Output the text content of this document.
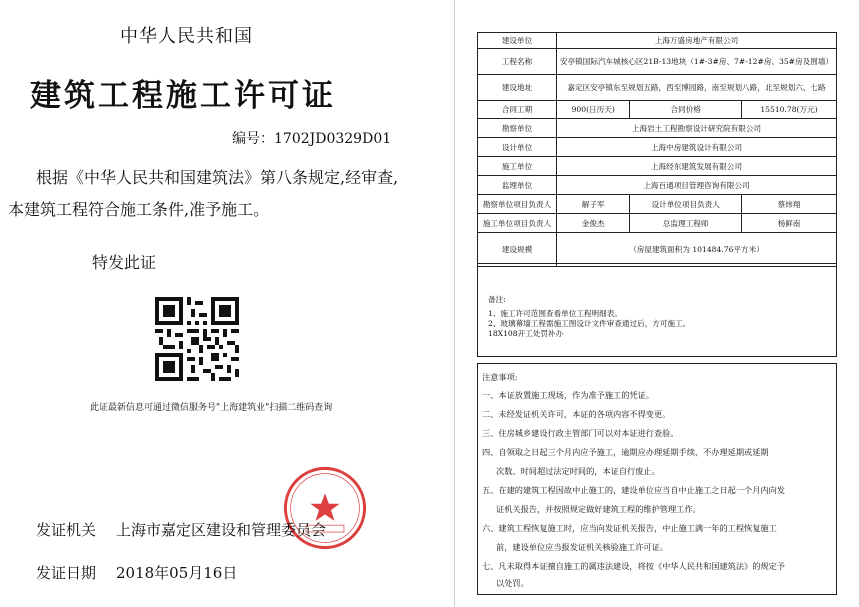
中华人民共和国
建筑工程施工许可证
编号：1702JD0329D01
根据《中华人民共和国建筑法》第八条规定,经审查,
本建筑工程符合施工条件,准予施工。
特发此证
此证最新信息可通过微信服务号"上海建筑业"扫描二维码查询
发证机关 上海市嘉定区建设和管理委员会
发证日期 2018年05月16日
建设单位	上海万盛房地产有限公司		
工程名称	安亭镇国际汽车城核心区21B-13地块（1#-3#房、7#-12#房、35#房及围墙）		
建设地址	嘉定区安亭镇东至规划五路，西至博园路，南至规划八路，北至规划六、七路		
合同工期	900(日历天)	合同价格	15510.78(万元)
勘察单位	上海岩土工程勘察设计研究院有限公司		
设计单位	上海中房建筑设计有限公司		
施工单位	上海经东建筑发展有限公司		
监理单位	上海百通项目管理咨询有限公司		
勘察单位项目负责人	解子军	设计单位项目负责人	蔡炜翔
施工单位项目负责人	金俊杰	总监理工程师	杨鲜南
建设规模	（房屋建筑面积为 101484.76平方米）		
备注:
1、施工许可范围查看单位工程明细表。
2、玻璃幕墙工程需施工图设计文件审查通过后，方可施工。
18X108开工处罚补办
注意事项:
一、本证放置施工现场，作为准予施工的凭证。
二、未经发证机关许可，本证的各项内容不得变更。
三、住房城乡建设行政主管部门可以对本证进行查验。
四、自领取之日起三个月内应予施工，逾期应办理延期手续，不办理延期或延期
次数、时间超过法定时间的，本证自行废止。
五、在建的建筑工程因故中止施工的，建设单位应当自中止施工之日起一个月内向发
证机关报告，并按照规定做好建筑工程的维护管理工作。
六、建筑工程恢复施工时，应当向发证机关报告，中止施工满一年的工程恢复施工
前，建设单位应当报发证机关核验施工许可证。
七、凡未取得本证擅自施工的属违法建设，将按《中华人民共和国建筑法》的规定予
以处罚。
